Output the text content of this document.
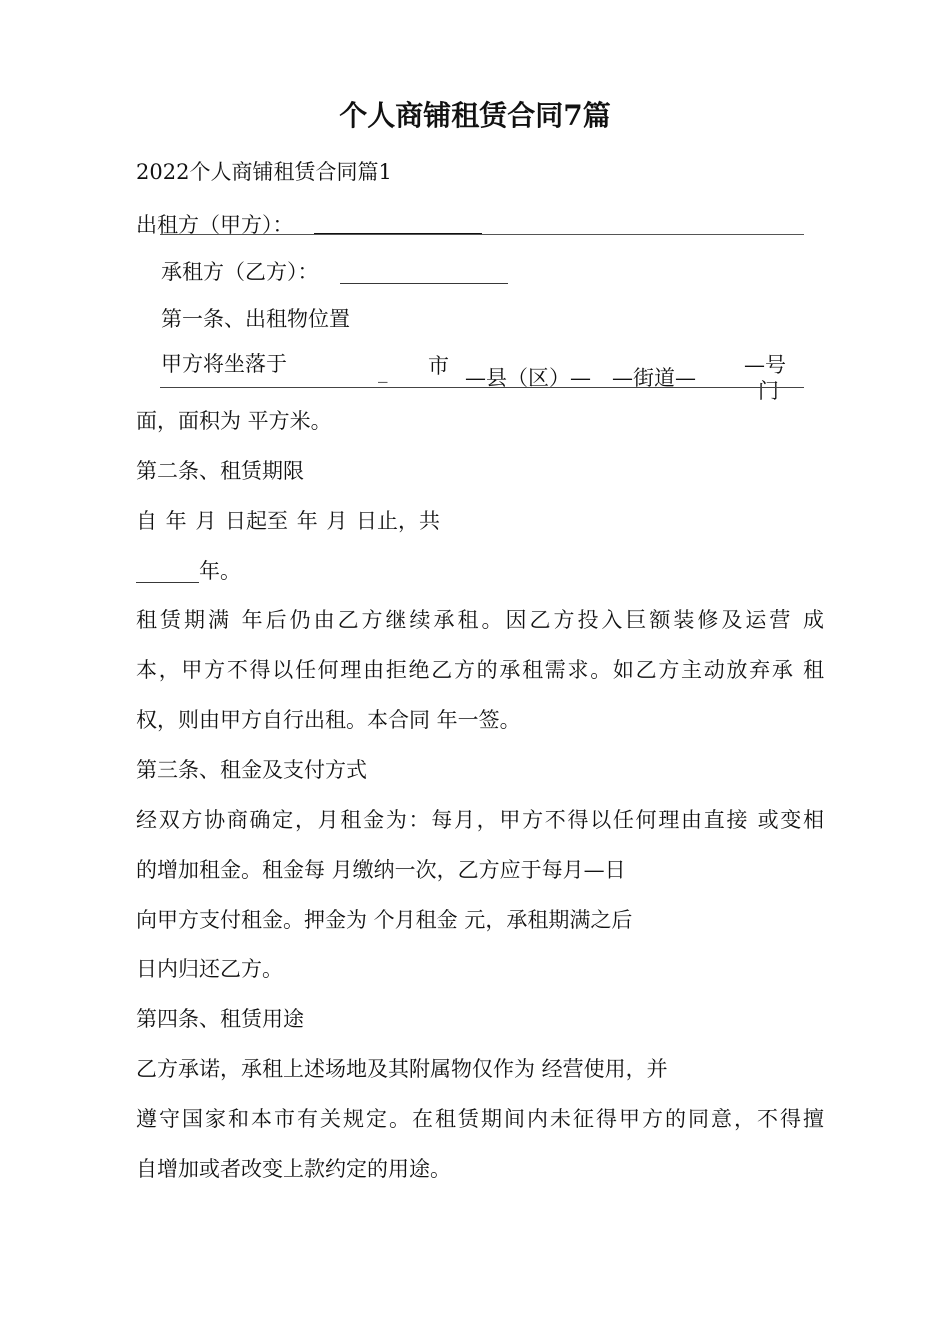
个人商铺租赁合同7篇
2022个人商铺租赁合同篇1
出租方（甲方）：
承租方（乙方）： ________________
第一条、出租物位置
甲方将坐落于	_ 市 —县（区）— —街道—
—号
门
面，面积为 平方米。
第二条、租赁期限
自 年 月 日起至 年 月 日止，共
______年。
租赁期满 年后仍由乙方继续承租。因乙方投入巨额装修及运营 成
本，甲方不得以任何理由拒绝乙方的承租需求。如乙方主动放弃承 租
权，则由甲方自行出租。本合同 年一签。
第三条、租金及支付方式
经双方协商确定，月租金为：每月，甲方不得以任何理由直接 或变相
的增加租金。租金每 月缴纳一次，乙方应于每月—日
向甲方支付租金。押金为 个月租金 元，承租期满之后
日内归还乙方。
第四条、租赁用途
乙方承诺，承租上述场地及其附属物仅作为 经营使用，并
遵守国家和本市有关规定。在租赁期间内未征得甲方的同意，不得擅
自增加或者改变上款约定的用途。
